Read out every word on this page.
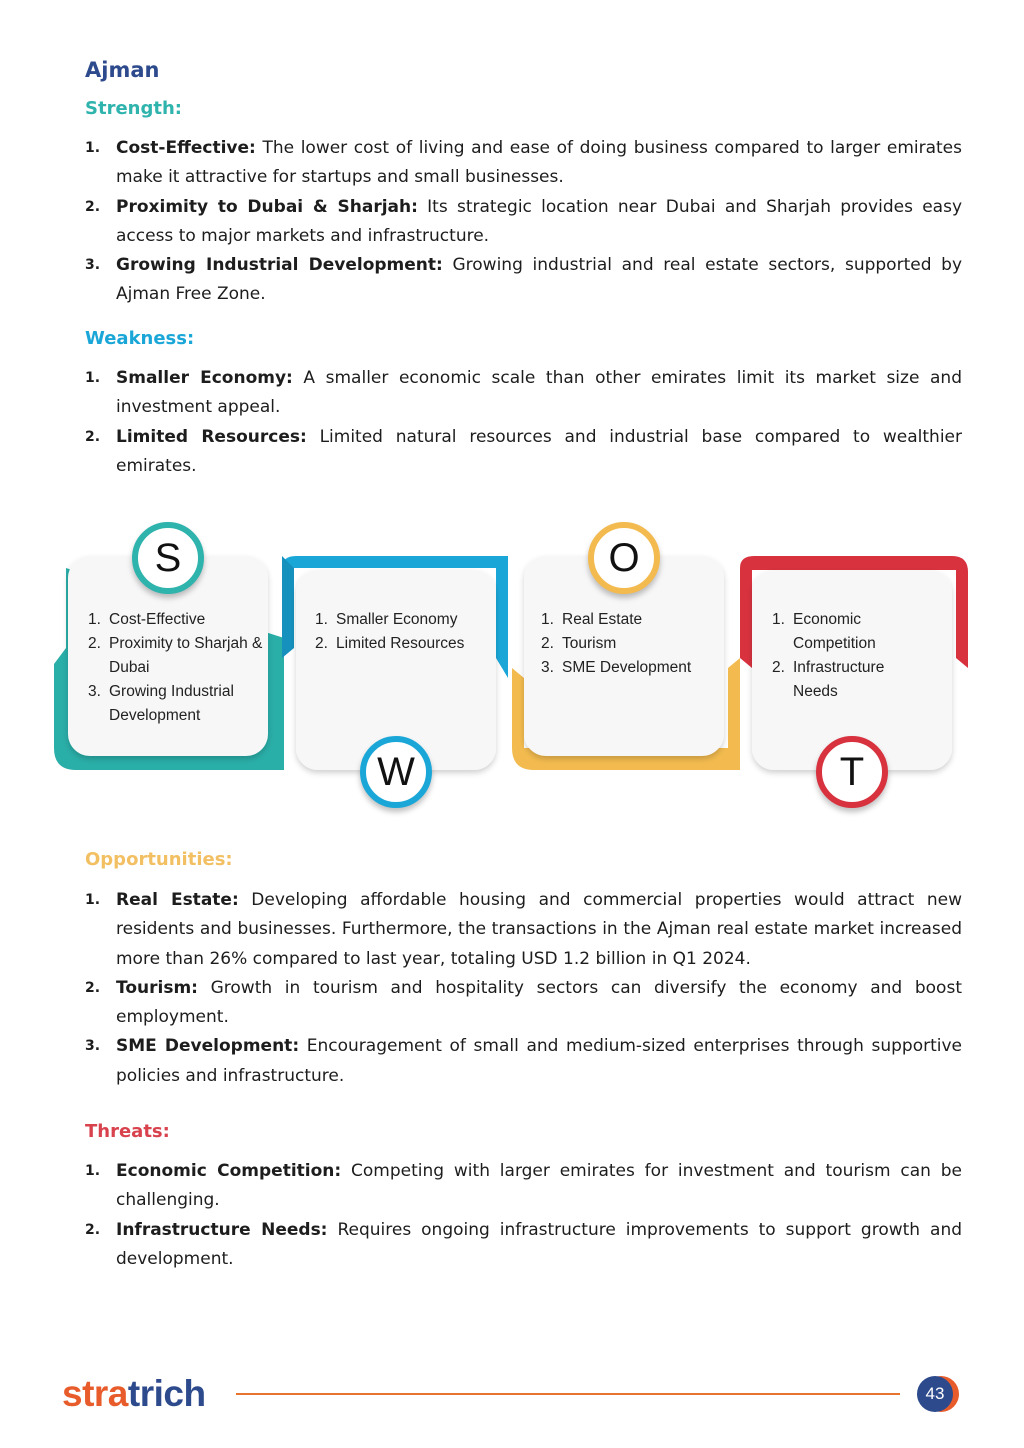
Ajman
Strength:
1. Cost-Effective: The lower cost of living and ease of doing business compared to larger emirates make it attractive for startups and small businesses.
2. Proximity to Dubai & Sharjah: Its strategic location near Dubai and Sharjah provides easy access to major markets and infrastructure.
3. Growing Industrial Development: Growing industrial and real estate sectors, supported by Ajman Free Zone.
Weakness:
1. Smaller Economy: A smaller economic scale than other emirates limit its market size and investment appeal.
2. Limited Resources: Limited natural resources and industrial base compared to wealthier emirates.
S
W
O
T
1. Cost-Effective
2. Proximity to Sharjah & Dubai
3. Growing Industrial Development
1. Smaller Economy
2. Limited Resources
1. Real Estate
2. Tourism
3. SME Development
1. Economic Competition
2. Infrastructure Needs
Opportunities:
1. Real Estate: Developing affordable housing and commercial properties would attract new residents and businesses. Furthermore, the transactions in the Ajman real estate market increased more than 26% compared to last year, totaling USD 1.2 billion in Q1 2024.
2. Tourism: Growth in tourism and hospitality sectors can diversify the economy and boost employment.
3. SME Development: Encouragement of small and medium-sized enterprises through supportive policies and infrastructure.
Threats:
1. Economic Competition: Competing with larger emirates for investment and tourism can be challenging.
2. Infrastructure Needs: Requires ongoing infrastructure improvements to support growth and development.
stratrich	43
